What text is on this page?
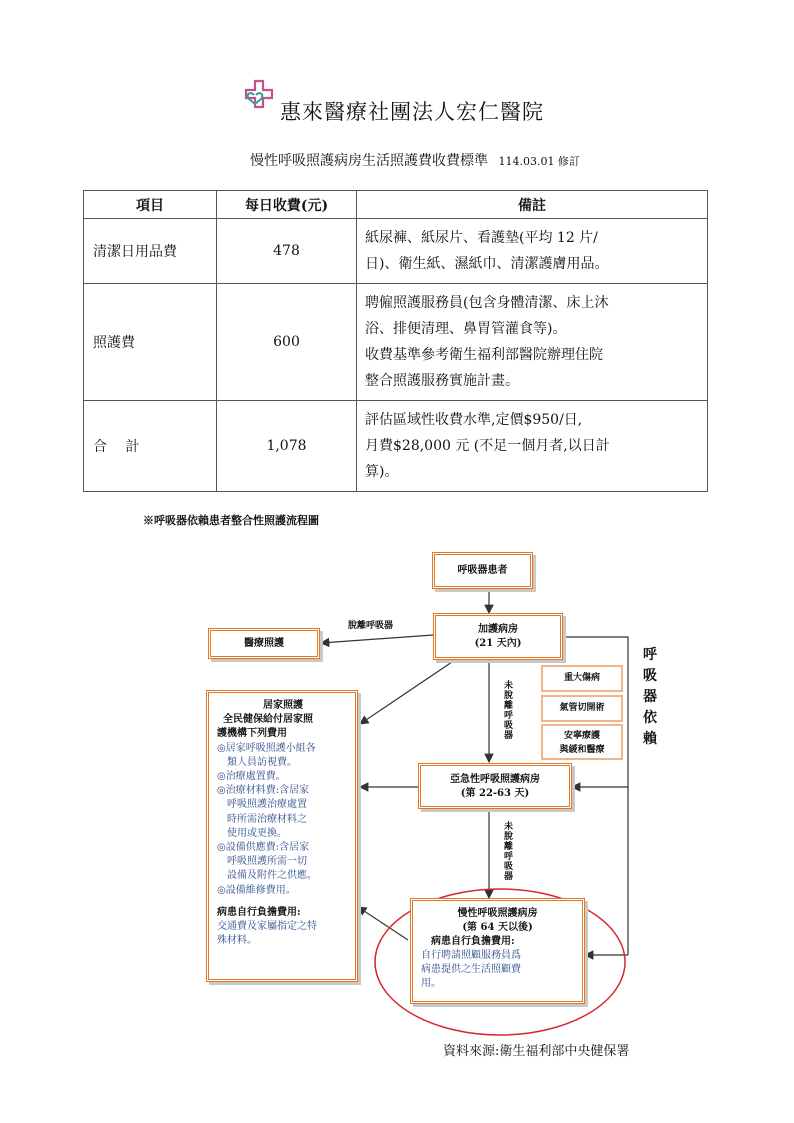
惠來醫療社團法人宏仁醫院
慢性呼吸照護病房生活照護費收費標準 114.03.01 修訂
項目	每日收費(元)	備註
清潔日用品費	478	紙尿褲、紙尿片、看護墊(平均 12 片/
日)、衛生紙、濕紙巾、清潔護膚用品。

照護費	600	聘僱照護服務員(包含身體清潔、床上沐
浴、排便清理、鼻胃管灌食等)。
收費基準參考衛生福利部醫院辦理住院
整合照護服務實施計畫。

合　 計	1,078	評估區域性收費水準,定價$950/日,
月費$28,000 元 (不足一個月者,以日計
算)。
※呼吸器依賴患者整合性照護流程圖
呼吸器患者
加護病房
(21 天內)
脫離呼吸器
醫療照護
未脫離呼吸器
未脫離呼吸器
重大傷病
氣管切開術
安寧療護
與緩和醫療
呼吸器依賴
居家照護
全民健保給付居家照
護機構下列費用
◎居家呼吸照護小組各
　類人員訪視費。
◎治療處置費。
◎治療材料費:含居家
　呼吸照護治療處置
　時所需治療材料之
　使用或更換。
◎設備供應費:含居家
　呼吸照護所需一切
　設備及附件之供應。
◎設備維修費用。
病患自行負擔費用:
交通費及家屬指定之特
殊材料。
亞急性呼吸照護病房
(第 22-63 天)
慢性呼吸照護病房
(第 64 天以後)
病患自行負擔費用:
自行聘請照顧服務員爲
病患提供之生活照顧費
用。
資料來源:衛生福利部中央健保署
